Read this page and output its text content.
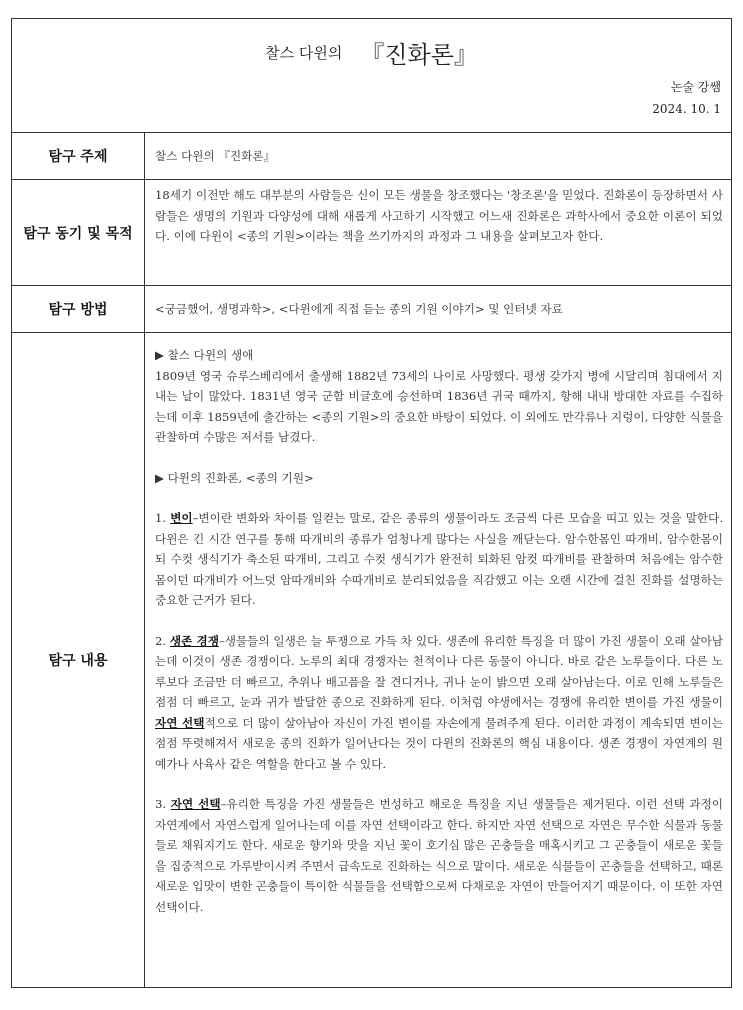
찰스 다윈의 『진화론』
논술 강쌤
2024. 10. 1
탐구 주제	찰스 다윈의 『진화론』
탐구 동기 및 목적
18세기 이전만 해도 대부분의 사람들은 신이 모든 생물을 창조했다는 '창조론'을 믿었다. 진화론이 등장하면서 사람들은 생명의 기원과 다양성에 대해 새롭게 사고하기 시작했고 어느새 진화론은 과학사에서 중요한 이론이 되었다. 이에 다윈이 <종의 기원>이라는 책을 쓰기까지의 과정과 그 내용을 살펴보고자 한다.
탐구 방법	<궁금했어, 생명과학>, <다윈에게 직접 듣는 종의 기원 이야기> 및 인터넷 자료
탐구 내용

▶ 찰스 다윈의 생애

1809년 영국 슈루스베리에서 출생해 1882년 73세의 나이로 사망했다. 평생 갖가지 병에 시달리며 침대에서 지내는 날이 많았다. 1831년 영국 군함 비글호에 승선하며 1836년 귀국 때까지, 항해 내내 방대한 자료를 수집하는데 이후 1859년에 출간하는 <종의 기원>의 중요한 바탕이 되었다. 이 외에도 만각류나 지렁이, 다양한 식물을 관찰하며 수많은 저서를 남겼다.

▶ 다윈의 진화론, <종의 기원>

1. 변이–변이란 변화와 차이를 일컫는 말로, 같은 종류의 생물이라도 조금씩 다른 모습을 띠고 있는 것을 말한다. 다윈은 긴 시간 연구를 통해 따개비의 종류가 엄청나게 많다는 사실을 깨닫는다. 암수한몸인 따개비, 암수한몸이되 수컷 생식기가 축소된 따개비, 그리고 수컷 생식기가 완전히 퇴화된 암컷 따개비를 관찰하며 처음에는 암수한몸이던 따개비가 어느덧 암따개비와 수따개비로 분리되었음을 직감했고 이는 오랜 시간에 걸친 진화를 설명하는 중요한 근거가 된다.

2. 생존 경쟁–생물들의 일생은 늘 투쟁으로 가득 차 있다. 생존에 유리한 특징을 더 많이 가진 생물이 오래 살아남는데 이것이 생존 경쟁이다. 노루의 최대 경쟁자는 천적이나 다른 동물이 아니다. 바로 같은 노루들이다. 다른 노루보다 조금만 더 빠르고, 추위나 배고픔을 잘 견디거나, 귀나 눈이 밝으면 오래 살아남는다. 이로 인해 노루들은 점점 더 빠르고, 눈과 귀가 발달한 종으로 진화하게 된다. 이처럼 야생에서는 경쟁에 유리한 변이를 가진 생물이 자연 선택적으로 더 많이 살아남아 자신이 가진 변이를 자손에게 물려주게 된다. 이러한 과정이 계속되면 변이는 점점 뚜렷해져서 새로운 종의 진화가 일어난다는 것이 다윈의 진화론의 핵심 내용이다. 생존 경쟁이 자연계의 원예가나 사육사 같은 역할을 한다고 볼 수 있다.

3. 자연 선택–유리한 특징을 가진 생물들은 번성하고 해로운 특징을 지닌 생물들은 제거된다. 이런 선택 과정이 자연계에서 자연스럽게 일어나는데 이를 자연 선택이라고 한다. 하지만 자연 선택으로 자연은 무수한 식물과 동물들로 채워지기도 한다. 새로운 향기와 맛을 지닌 꽃이 호기심 많은 곤충들을 매혹시키고 그 곤충들이 새로운 꽃들을 집중적으로 가루받이시켜 주면서 급속도로 진화하는 식으로 말이다. 새로운 식물들이 곤충들을 선택하고, 때론 새로운 입맛이 변한 곤충들이 특이한 식물들을 선택함으로써 다채로운 자연이 만들어지기 때문이다. 이 또한 자연 선택이다.
